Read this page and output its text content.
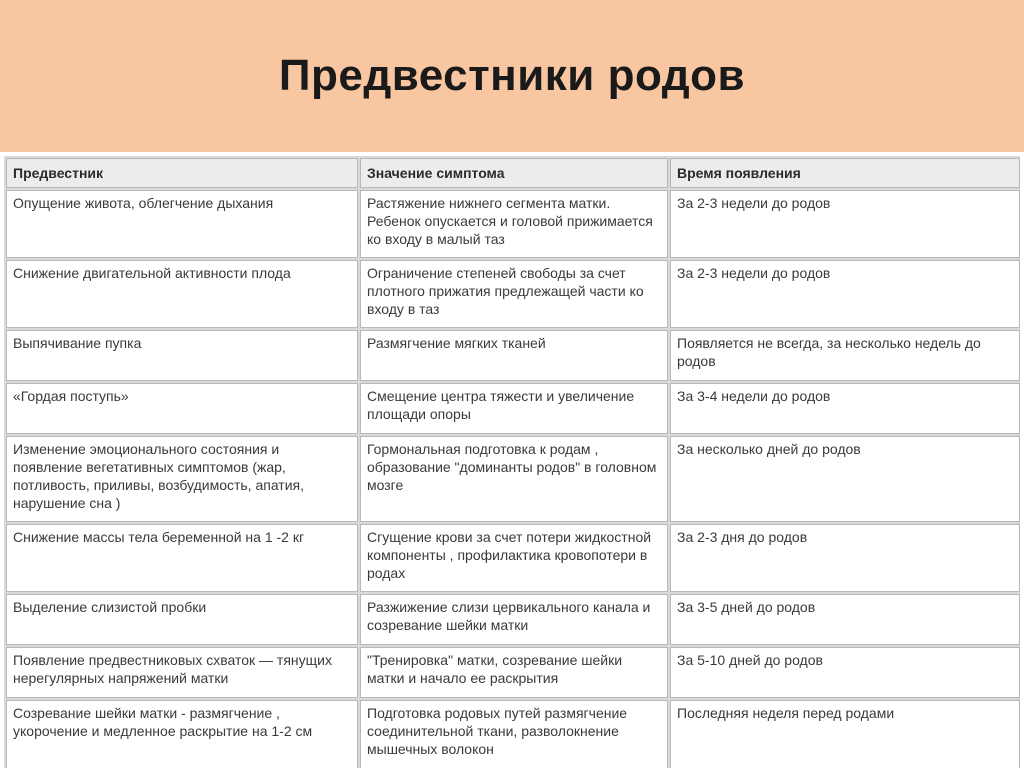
Предвестники родов
Предвестник	Значение симптома	Время появления
Опущение живота, облегчение дыхания	Растяжение нижнего сегмента матки. Ребенок опускается и головой прижимается ко входу в малый таз	За 2-3 недели до родов
Снижение двигательной активности плода	Ограничение степеней свободы за счет плотного прижатия предлежащей части ко входу в таз	За 2-3 недели до родов
Выпячивание пупка	Размягчение мягких тканей	Появляется не всегда, за несколько недель до родов
«Гордая поступь»	Смещение центра тяжести и увеличение площади опоры	За 3-4 недели до родов
Изменение эмоционального состояния и появление вегетативных симптомов (жар, потливость, приливы, возбудимость, апатия, нарушение сна )	Гормональная подготовка к родам , образование "доминанты родов" в головном мозге	За несколько дней до родов
Снижение массы тела беременной на 1 -2 кг	Сгущение крови за счет потери жидкостной компоненты , профилактика кровопотери в родах	За 2-3 дня до родов
Выделение слизистой пробки	Разжижение слизи цервикального канала и созревание шейки матки	За 3-5 дней до родов
Появление предвестниковых схваток — тянущих нерегулярных напряжений матки	"Тренировка" матки, созревание шейки матки и начало ее раскрытия	За 5-10 дней до родов
Созревание шейки матки - размягчение , укорочение и медленное раскрытие на 1-2 см	Подготовка родовых путей размягчение соединительной ткани, разволокнение мышечных волокон	Последняя неделя перед родами
